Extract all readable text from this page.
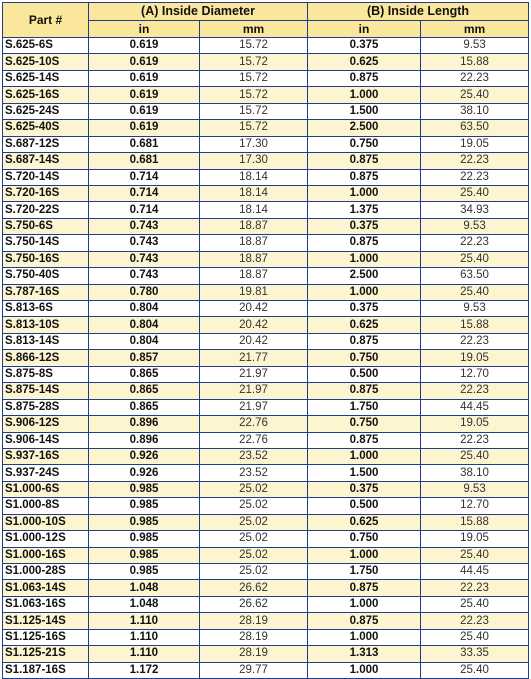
Part #	(A) Inside Diameter		(B) Inside Length	
	in	mm	in	mm
S.625-6S	0.619	15.72	0.375	9.53
S.625-10S	0.619	15.72	0.625	15.88
S.625-14S	0.619	15.72	0.875	22.23
S.625-16S	0.619	15.72	1.000	25.40
S.625-24S	0.619	15.72	1.500	38.10
S.625-40S	0.619	15.72	2.500	63.50
S.687-12S	0.681	17.30	0.750	19.05
S.687-14S	0.681	17.30	0.875	22.23
S.720-14S	0.714	18.14	0.875	22.23
S.720-16S	0.714	18.14	1.000	25.40
S.720-22S	0.714	18.14	1.375	34.93
S.750-6S	0.743	18.87	0.375	9.53
S.750-14S	0.743	18.87	0.875	22.23
S.750-16S	0.743	18.87	1.000	25.40
S.750-40S	0.743	18.87	2.500	63.50
S.787-16S	0.780	19.81	1.000	25.40
S.813-6S	0.804	20.42	0.375	9.53
S.813-10S	0.804	20.42	0.625	15.88
S.813-14S	0.804	20.42	0.875	22.23
S.866-12S	0.857	21.77	0.750	19.05
S.875-8S	0.865	21.97	0.500	12.70
S.875-14S	0.865	21.97	0.875	22.23
S.875-28S	0.865	21.97	1.750	44.45
S.906-12S	0.896	22.76	0.750	19.05
S.906-14S	0.896	22.76	0.875	22.23
S.937-16S	0.926	23.52	1.000	25.40
S.937-24S	0.926	23.52	1.500	38.10
S1.000-6S	0.985	25.02	0.375	9.53
S1.000-8S	0.985	25.02	0.500	12.70
S1.000-10S	0.985	25.02	0.625	15.88
S1.000-12S	0.985	25.02	0.750	19.05
S1.000-16S	0.985	25.02	1.000	25.40
S1.000-28S	0.985	25.02	1.750	44.45
S1.063-14S	1.048	26.62	0.875	22.23
S1.063-16S	1.048	26.62	1.000	25.40
S1.125-14S	1.110	28.19	0.875	22.23
S1.125-16S	1.110	28.19	1.000	25.40
S1.125-21S	1.110	28.19	1.313	33.35
S1.187-16S	1.172	29.77	1.000	25.40
